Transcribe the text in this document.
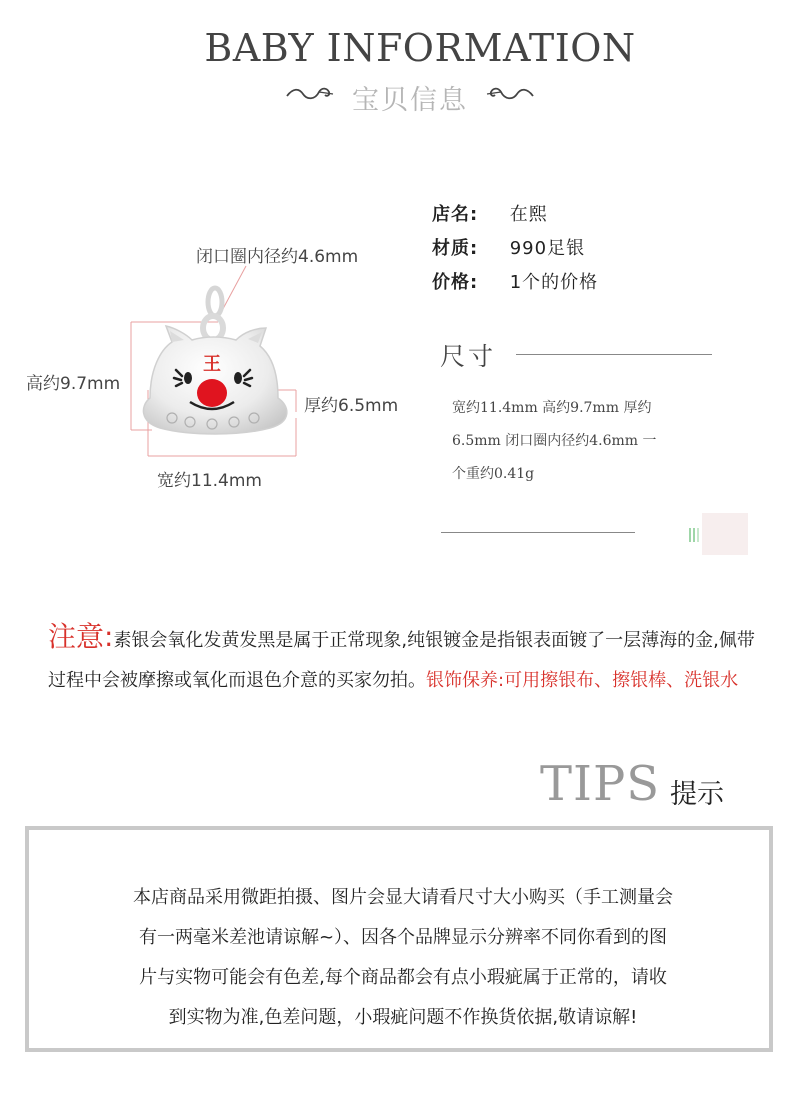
BABY INFORMATION
宝贝信息
王
闭口圈内径约4.6mm
高约9.7mm
厚约6.5mm
宽约11.4mm
店名: 在熙
材质: 990足银
价格: 1个的价格
尺寸
宽约11.4mm 高约9.7mm 厚约
6.5mm 闭口圈内径约4.6mm 一
个重约0.41g
注意:素银会氧化发黄发黑是属于正常现象,纯银镀金是指银表面镀了一层薄海的金,佩带过程中会被摩擦或氧化而退色介意的买家勿拍。银饰保养:可用擦银布、擦银棒、洗银水
TIPS 提示
本店商品采用微距拍摄、图片会显大请看尺寸大小购买（手工测量会
有一两毫米差池请谅解~）、因各个品牌显示分辨率不同你看到的图
片与实物可能会有色差,每个商品都会有点小瑕疵属于正常的，请收
到实物为准,色差问题，小瑕疵问题不作换货依据,敬请谅解!
